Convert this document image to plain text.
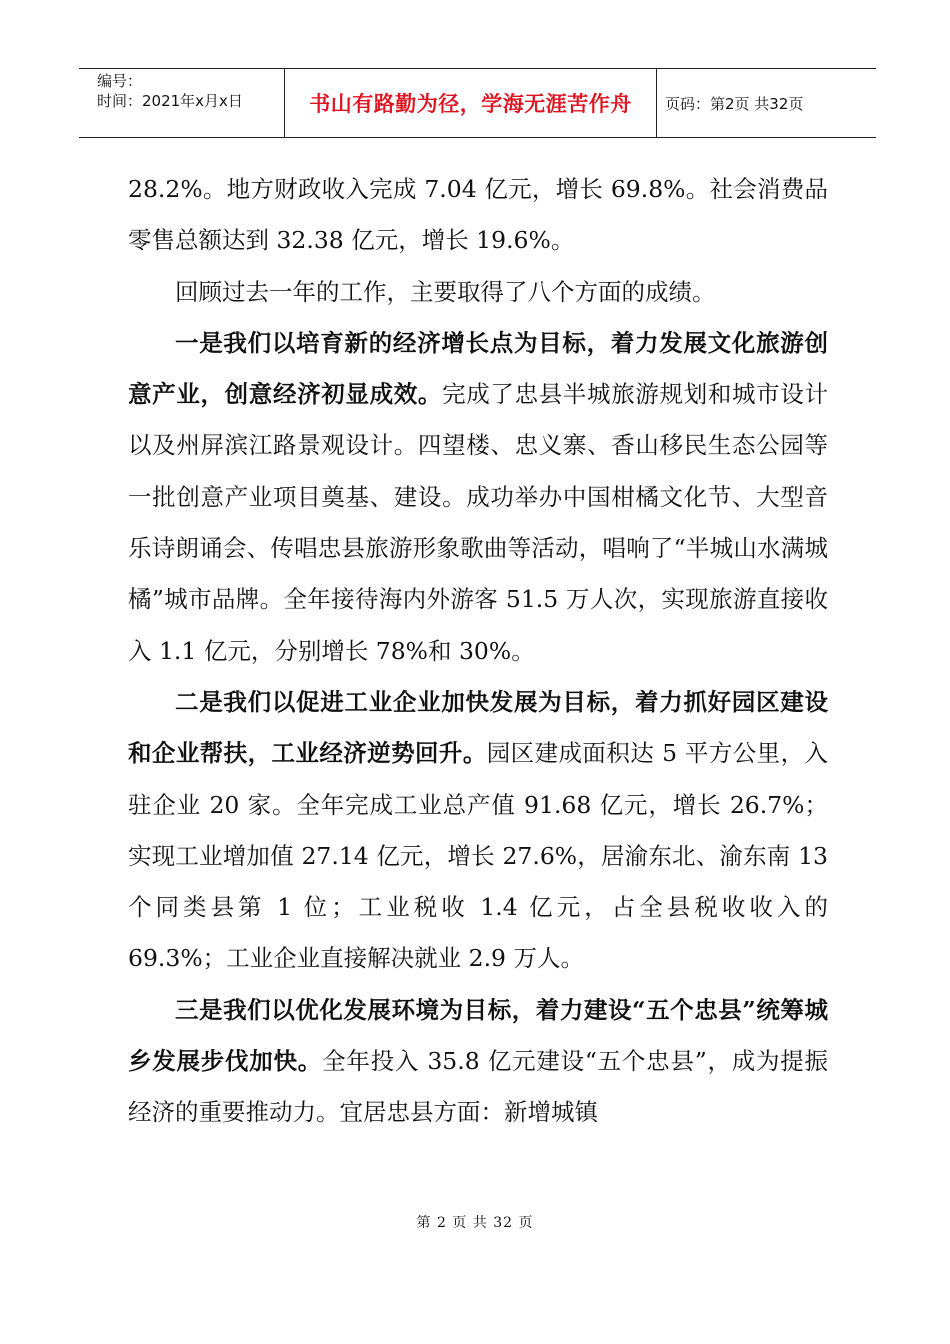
编号：
时间：2021年x月x日	书山有路勤为径，学海无涯苦作舟	页码：第2页 共32页

28.2%。地方财政收入完成 7.04 亿元，增长 69.8%。社会消费品零售总额达到 32.38 亿元，增长 19.6%。

回顾过去一年的工作，主要取得了八个方面的成绩。

一是我们以培育新的经济增长点为目标，着力发展文化旅游创意产业，创意经济初显成效。完成了忠县半城旅游规划和城市设计以及州屏滨江路景观设计。四望楼、忠义寨、香山移民生态公园等一批创意产业项目奠基、建设。成功举办中国柑橘文化节、大型音乐诗朗诵会、传唱忠县旅游形象歌曲等活动，唱响了“半城山水满城橘”城市品牌。全年接待海内外游客 51.5 万人次，实现旅游直接收入 1.1 亿元，分别增长 78%和 30%。

二是我们以促进工业企业加快发展为目标，着力抓好园区建设和企业帮扶，工业经济逆势回升。园区建成面积达 5 平方公里，入驻企业 20 家。全年完成工业总产值 91.68 亿元，增长 26.7%；实现工业增加值 27.14 亿元，增长 27.6%，居渝东北、渝东南 13 个同类县第 1 位；工业税收 1.4 亿元，占全县税收收入的 69.3%；工业企业直接解决就业 2.9 万人。

三是我们以优化发展环境为目标，着力建设“五个忠县”统筹城乡发展步伐加快。全年投入 35.8 亿元建设“五个忠县”，成为提振经济的重要推动力。宜居忠县方面：新增城镇

第 2 页 共 32 页
